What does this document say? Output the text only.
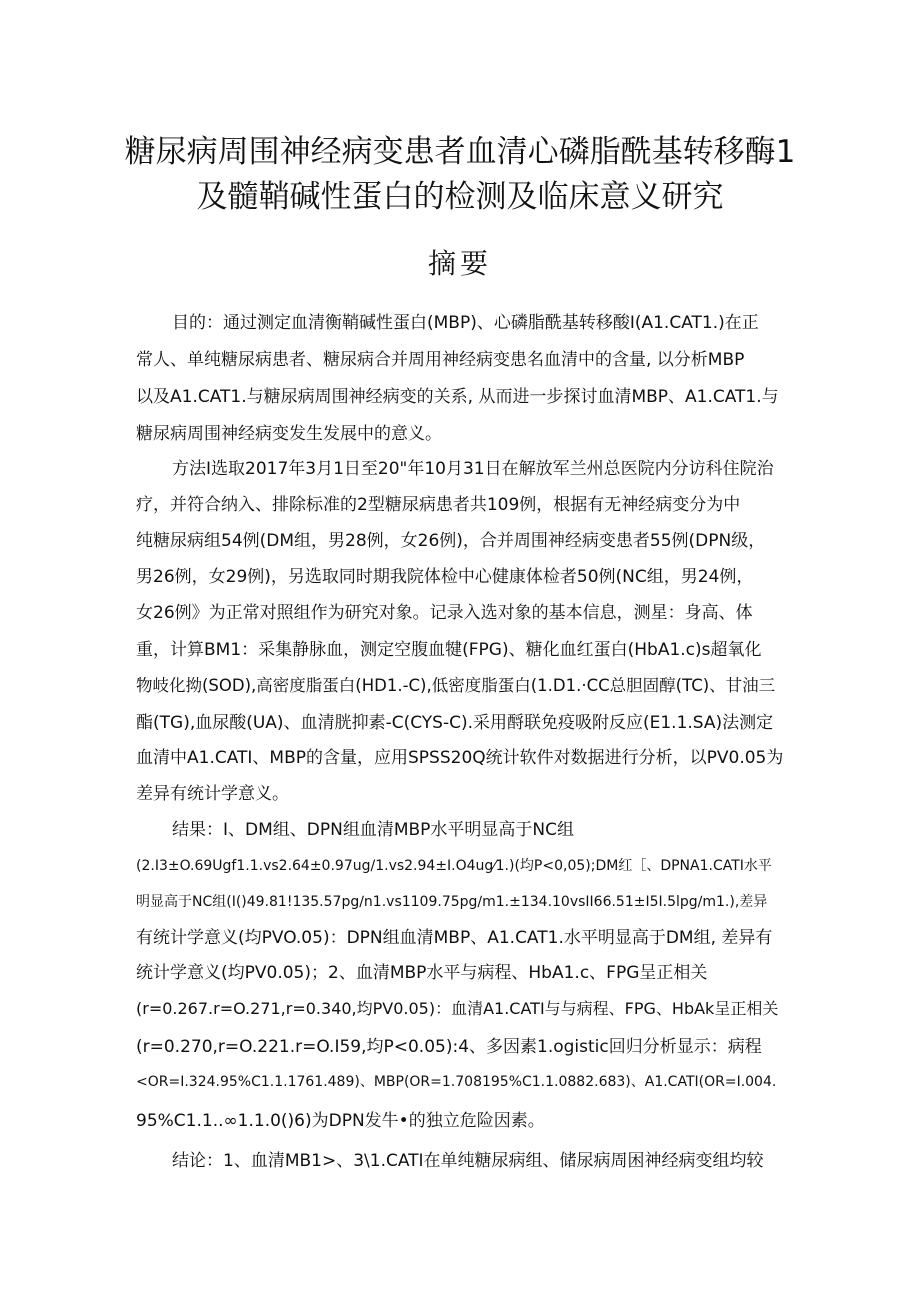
糖尿病周围神经病变患者血清心磷脂酰基转移酶1
及髓鞘碱性蛋白的检测及临床意义研究
摘要
目的：通过测定血清衡鞘碱性蛋白(MBP)、心磷脂酰基转移酸I(A1.CAT1.)在正
常人、单纯糖尿病患者、糖尿病合并周用神经病变患名血清中的含量, 以分析MBP
以及A1.CAT1.与糖尿病周围神经病变的关系, 从而进一步探讨血清MBP、A1.CAT1.与
糖尿病周围神经病变发生发展中的意义。
方法I选取2017年3月1日至20"年10月31日在解放军兰州总医院内分访科住院治
疗，并符合纳入、排除标准的2型糖尿病患者共109例，根据有无神经病变分为中
纯糖尿病组54例(DM组，男28例，女26例)，合并周围神经病变患者55例(DPN级，
男26例，女29例)，另选取同时期我院体检中心健康体检者50例(NC组，男24例，
女26例》为正常对照组作为研究对象。记录入选对象的基本信息，测星：身高、体
重，计算BM1：采集静脉血，测定空腹血犍(FPG)、糖化血红蛋白(HbA1.c)s超氧化
物岐化拗(SOD),高密度脂蛋白(HD1.-C),低密度脂蛋白(1.D1.·CC总胆固醇(TC)、甘油三
酯(TG),血尿酸(UA)、血清胱抑素-C(CYS-C).采用酹联免疫吸附反应(E1.1.SA)法测定
血清中A1.CATI、MBP的含量，应用SPSS20Q统计软件对数据进行分析，以PV0.05为
差异有统计学意义。
结果：I、DM组、DPN组血清MBP水平明显高于NC组
(2.I3±O.69Ugf1.1.vs2.64±0.97ug/1.vs2.94±I.O4ug⁄1.)(均P<0,05);DM红［、DPNA1.CATI水平
明显高于NC组(I()49.81!135.57pg∕n1.vs1109.75pg∕m1.±134.10vsII66.51±I5I.5lpg∕m1.),差异
有统计学意义(均PVO.05)：DPN组血清MBP、A1.CAT1.水平明显高于DM组, 差异有
统计学意义(均PV0.05)；2、血清MBP水平与病程、HbA1.c、FPG呈正相关
(r=0.267.r=O.271,r=0.340,均PV0.05)：血清A1.CATI与与病程、FPG、HbAk呈正相关
(r=0.270,r=O.221.r=O.I59,均P<0.05):4、多因素1.ogistic回归分析显示：病程
<OR=I.324.95%C1.1.1761.489)、MBP(OR=1.708195%C1.1.0882.683)、A1.CATI(OR=I.004.
95%C1.1..∞1.1.0()6)为DPN发牛•的独立危险因素。
结论：1、血清MB1>、3\1.CATI在单纯糖尿病组、储尿病周困神经病变组均较
